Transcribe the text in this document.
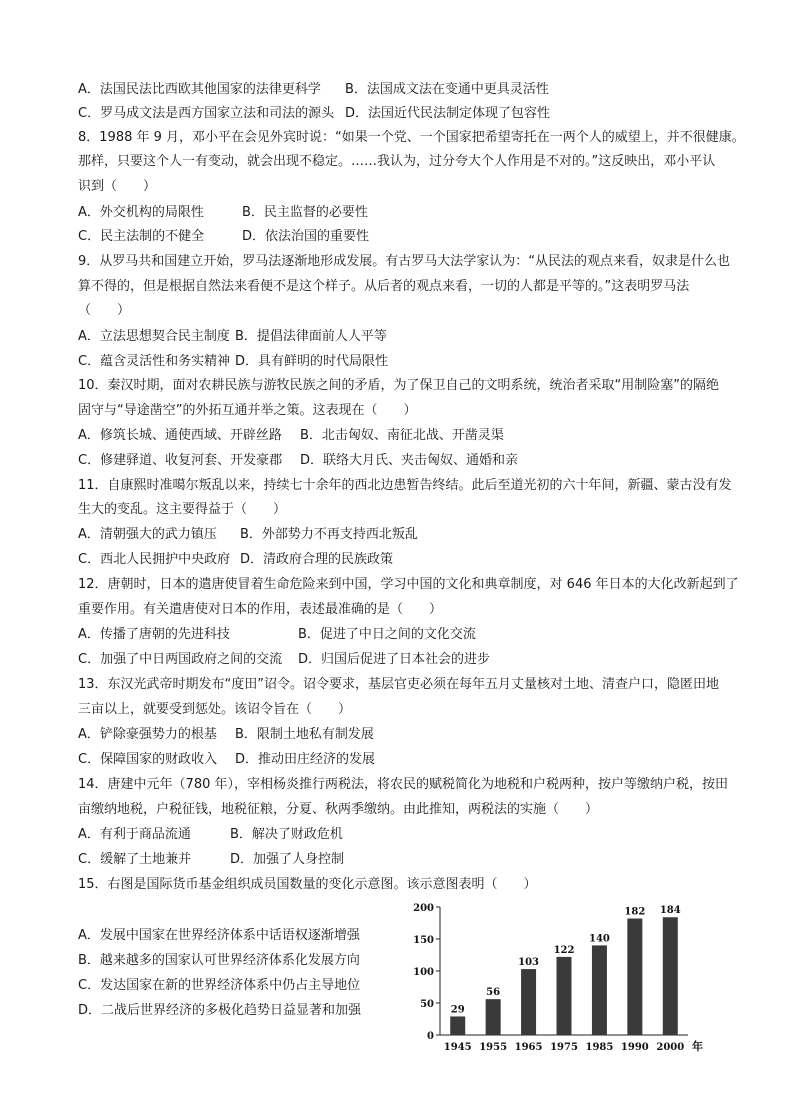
A．法国民法比西欧其他国家的法律更科学 B．法国成文法在变通中更具灵活性
C．罗马成文法是西方国家立法和司法的源头 D．法国近代民法制定体现了包容性
8．1988 年 9 月，邓小平在会见外宾时说：“如果一个党、一个国家把希望寄托在一两个人的威望上，并不很健康。
那样，只要这个人一有变动，就会出现不稳定。……我认为，过分夸大个人作用是不对的。”这反映出，邓小平认
识到（　　）
A．外交机构的局限性	B．民主监督的必要性
C．民主法制的不健全	D．依法治国的重要性
9．从罗马共和国建立开始，罗马法逐渐地形成发展。有古罗马大法学家认为：“从民法的观点来看，奴隶是什么也
算不得的，但是根据自然法来看便不是这个样子。从后者的观点来看，一切的人都是平等的。”这表明罗马法
（　　）
A．立法思想契合民主制度 B．提倡法律面前人人平等
C．蕴含灵活性和务实精神 D．具有鲜明的时代局限性
10．秦汉时期，面对农耕民族与游牧民族之间的矛盾，为了保卫自己的文明系统，统治者采取“用制险塞”的隔绝
固守与“导途凿空”的外拓互通并举之策。这表现在（　　）
A．修筑长城、通使西域、开辟丝路 B．北击匈奴、南征北战、开凿灵渠
C．修建驿道、收复河套、开发豪郡 D．联络大月氏、夹击匈奴、通婚和亲
11．自康熙时准噶尔叛乱以来，持续七十余年的西北边患暂告终结。此后至道光初的六十年间，新疆、蒙古没有发
生大的变乱。这主要得益于（　　）
A．清朝强大的武力镇压 B．外部势力不再支持西北叛乱
C．西北人民拥护中央政府 D．清政府合理的民族政策
12．唐朝时，日本的遣唐使冒着生命危险来到中国，学习中国的文化和典章制度，对 646 年日本的大化改新起到了
重要作用。有关遣唐使对日本的作用，表述最准确的是（　　）
A．传播了唐朝的先进科技	B．促进了中日之间的文化交流
C．加强了中日两国政府之间的交流 D．归国后促进了日本社会的进步
13．东汉光武帝时期发布“度田”诏令。诏令要求，基层官吏必须在每年五月丈量核对土地、清查户口，隐匿田地
三亩以上，就要受到惩处。该诏令旨在（　　）
A．铲除豪强势力的根基 B．限制土地私有制发展
C．保障国家的财政收入 D．推动田庄经济的发展
14．唐建中元年（780 年），宰相杨炎推行两税法，将农民的赋税简化为地税和户税两种，按户等缴纳户税，按田
亩缴纳地税，户税征钱，地税征粮，分夏、秋两季缴纳。由此推知，两税法的实施（　　）
A．有利于商品流通	B．解决了财政危机
C．缓解了土地兼并	D．加强了人身控制
15．右图是国际货币基金组织成员国数量的变化示意图。该示意图表明（　　）
A．发展中国家在世界经济体系中话语权逐渐增强
B．越来越多的国家认可世界经济体系化发展方向
C．发达国家在新的世界经济体系中仍占主导地位
D．二战后世界经济的多极化趋势日益显著和加强
0
50
100
150
200
29
1945
56
1955
103
1965
122
1975
140
1985
182
1990
184
2000 年
